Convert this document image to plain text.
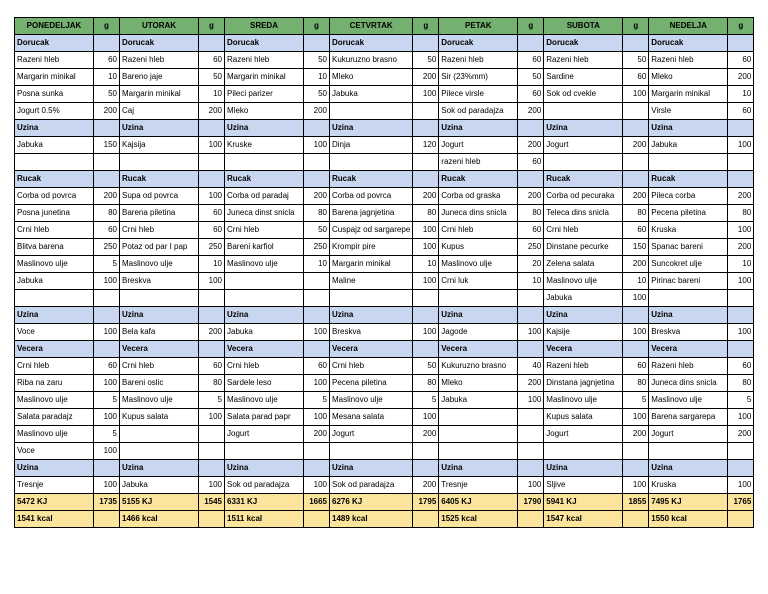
PONEDELJAK	g	UTORAK	g	SREDA	g	CETVRTAK	g	PETAK	g	SUBOTA	g	NEDELJA	g
Dorucak		Dorucak		Dorucak		Dorucak		Dorucak		Dorucak		Dorucak	
Razeni hleb	60	Razeni hleb	60	Razeni hleb	50	Kukuruzno brasno	50	Razeni hleb	60	Razeni hleb	50	Razeni hleb	60
Margarin minikal	10	Bareno jaje	50	Margarin minikal	10	Mleko	200	Sir (23%mm)	50	Sardine	60	Mleko	200
Posna sunka	50	Margarin minikal	10	Pileci parizer	50	Jabuka	100	Pilece virsle	60	Sok od cvekle	100	Margarin minikal	10
Jogurt 0.5%	200	Caj	200	Mleko	200			Sok od paradajza	200			Virsle	60
Uzina		Uzina		Uzina		Uzina		Uzina		Uzina		Uzina	
Jabuka	150	Kajsija	100	Kruske	100	Dinja	120	Jogurt	200	Jogurt	200	Jabuka	100
								razeni hleb	60				
Rucak		Rucak		Rucak		Rucak		Rucak		Rucak		Rucak	
Corba od povrca	200	Supa od povrca	100	Corba od paradaj	200	Corba od povrca	200	Corba od graska	200	Corba od pecuraka	200	Pileca corba	200
Posna junetina	80	Barena piletina	60	Juneca dinst snicla	80	Barena jagnjetina	80	Juneca dins snicla	80	Teleca dins snicla	80	Pecena piletina	80
Crni hleb	60	Crni hleb	60	Crni hleb	50	Cuspajz od sargarepe	100	Crni hleb	60	Crni hleb	60	Kruska	100
Blitva barena	250	Potaz od par I pap	250	Bareni karfiol	250	Krompir pire	100	Kupus	250	Dinstane pecurke	150	Spanac bareni	200
Maslinovo ulje	5	Maslinovo ulje	10	Maslinovo ulje	10	Margarin minikal	10	Maslinovo ulje	20	Zelena salata	200	Suncokret ulje	10
Jabuka	100	Breskva	100			Maline	100	Crni luk	10	Maslinovo ulje	10	Pirinac bareni	100
										Jabuka	100		
Uzina		Uzina		Uzina		Uzina		Uzina		Uzina		Uzina	
Voce	100	Bela kafa	200	Jabuka	100	Breskva	100	Jagode	100	Kajsije	100	Breskva	100
Vecera		Vecera		Vecera		Vecera		Vecera		Vecera		Vecera	
Crni hleb	60	Crni hleb	60	Crni hleb	60	Crni hleb	50	Kukuruzno brasno	40	Razeni hleb	60	Razeni hleb	60
Riba na zaru	100	Bareni oslic	80	Sardele leso	100	Pecena piletina	80	Mleko	200	Dinstana jagnjetina	80	Juneca dins snicla	80
Maslinovo ulje	5	Maslinovo ulje	5	Maslinovo ulje	5	Maslinovo ulje	5	Jabuka	100	Maslinovo ulje	5	Maslinovo ulje	5
Salata paradajz	100	Kupus salata	100	Salata parad papr	100	Mesana salata	100			Kupus salata	100	Barena sargarepa	100
Maslinovo ulje	5			Jogurt	200	Jogurt	200			Jogurt	200	Jogurt	200
Voce	100												
Uzina		Uzina		Uzina		Uzina		Uzina		Uzina		Uzina	
Tresnje	100	Jabuka	100	Sok od paradajza	100	Sok od paradajza	200	Tresnje	100	Sljive	100	Kruska	100
5472 KJ	1735	5155 KJ	1545	6331 KJ	1665	6276 KJ	1795	6405 KJ	1790	5941 KJ	1855	7495 KJ	1765
1541 kcal		1466 kcal		1511 kcal		1489 kcal		1525 kcal		1547 kcal		1550 kcal	
